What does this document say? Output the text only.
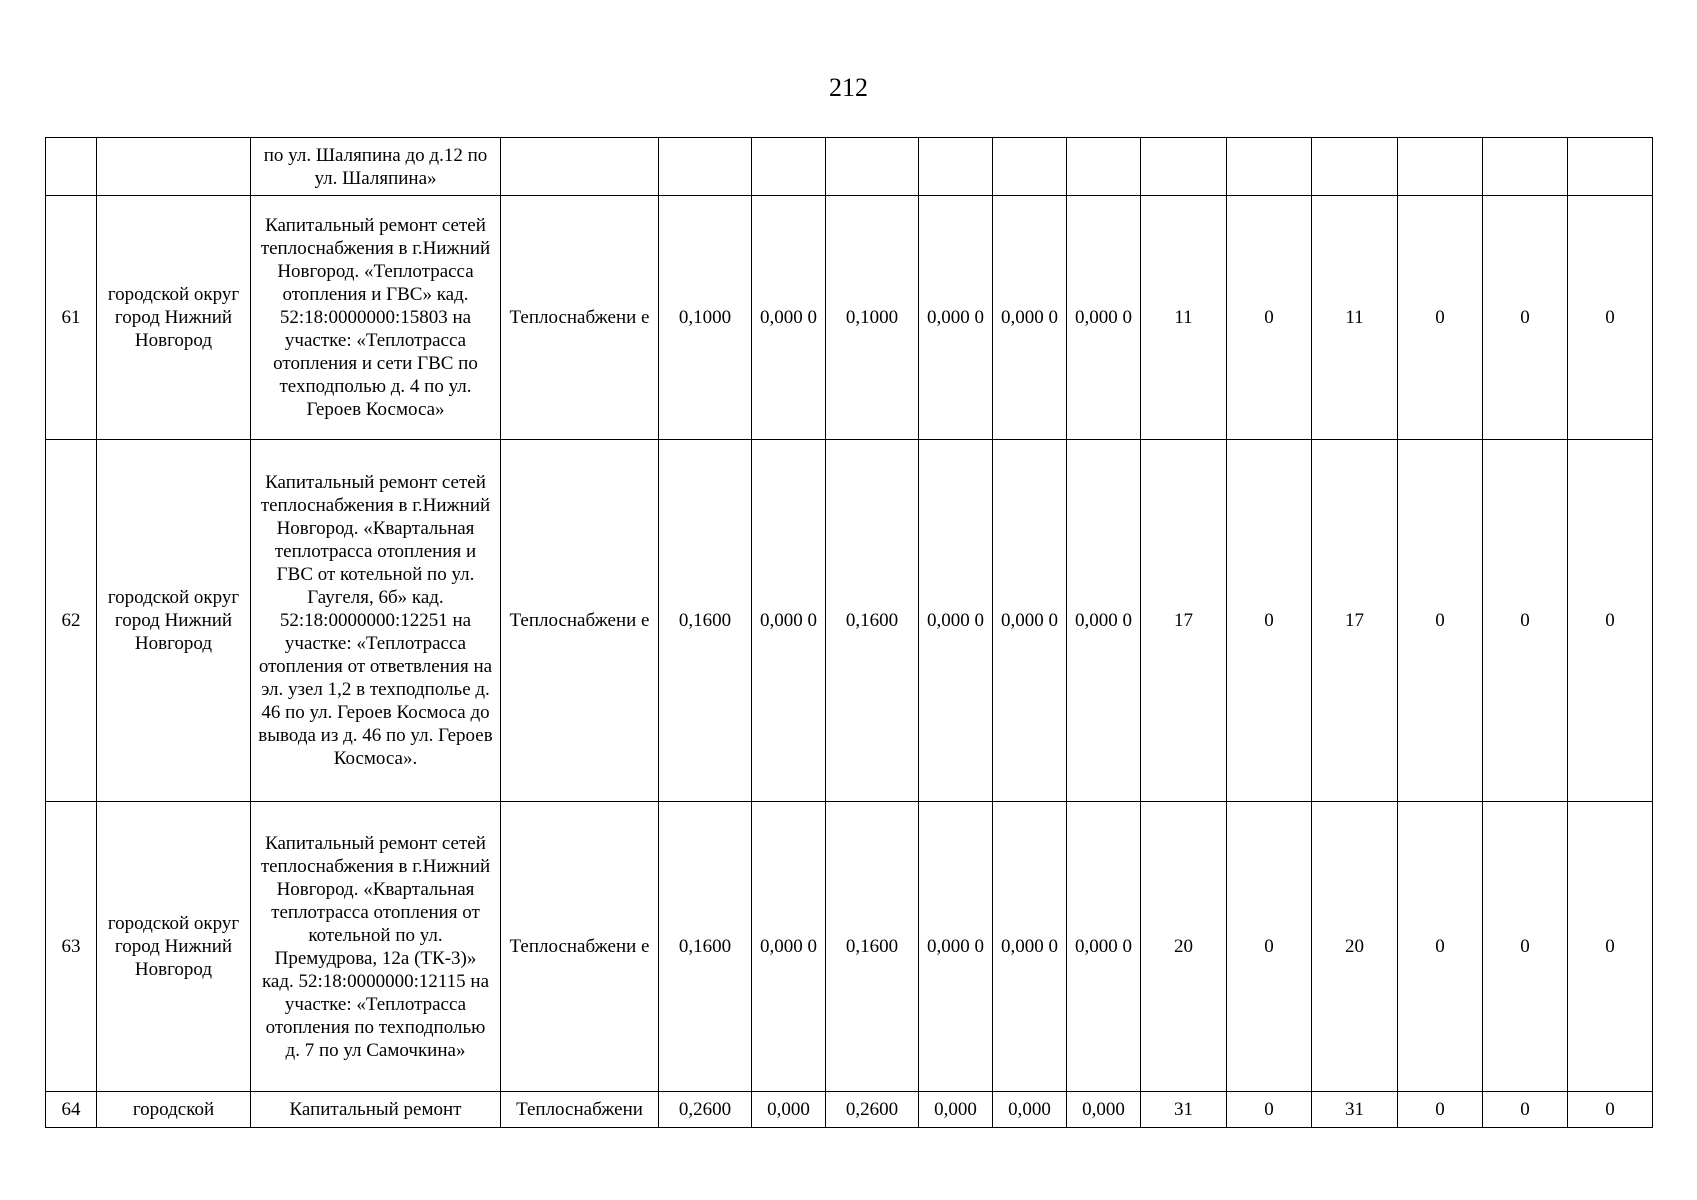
212
		по ул. Шаляпина до д.12 по ул. Шаляпина»													
61	городской округ город Нижний Новгород	Капитальный ремонт сетей теплоснабжения в г.Нижний Новгород. «Теплотрасса отопления и ГВС» кад. 52:18:0000000:15803 на участке: «Теплотрасса отопления и сети ГВС по техподполью д. 4 по ул. Героев Космоса»	Теплоснабжени е	0,1000	0,000 0	0,1000	0,000 0	0,000 0	0,000 0	11	0	11	0	0	0
62	городской округ город Нижний Новгород	Капитальный ремонт сетей теплоснабжения в г.Нижний Новгород. «Квартальная теплотрасса отопления и ГВС от котельной по ул. Гаугеля, 6б» кад. 52:18:0000000:12251 на участке: «Теплотрасса отопления от ответвления на эл. узел 1,2 в техподполье д. 46 по ул. Героев Космоса до вывода из д. 46 по ул. Героев Космоса».	Теплоснабжени е	0,1600	0,000 0	0,1600	0,000 0	0,000 0	0,000 0	17	0	17	0	0	0
63	городской округ город Нижний Новгород	Капитальный ремонт сетей теплоснабжения в г.Нижний Новгород. «Квартальная теплотрасса отопления от котельной по ул. Премудрова, 12а (ТК-3)» кад. 52:18:0000000:12115 на участке: «Теплотрасса отопления по техподполью д. 7 по ул Самочкина»	Теплоснабжени е	0,1600	0,000 0	0,1600	0,000 0	0,000 0	0,000 0	20	0	20	0	0	0
64	городской	Капитальный ремонт	Теплоснабжени	0,2600	0,000	0,2600	0,000	0,000	0,000	31	0	31	0	0	0
